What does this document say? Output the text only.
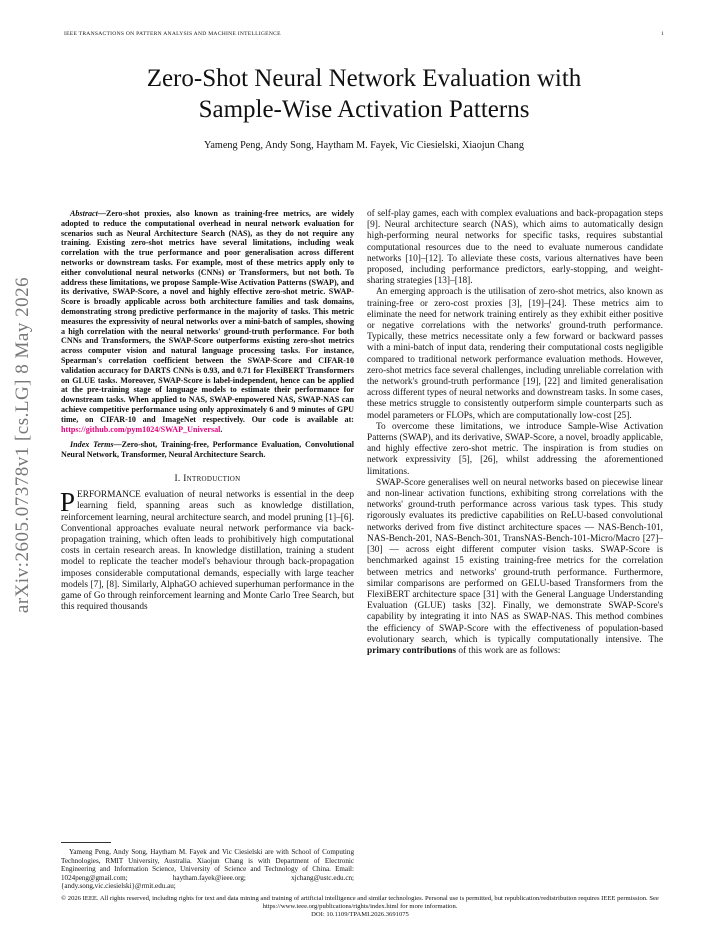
IEEE TRANSACTIONS ON PATTERN ANALYSIS AND MACHINE INTELLIGENCE	1
arXiv:2605.07378v1 [cs.LG] 8 May 2026
Zero-Shot Neural Network Evaluation with
Sample-Wise Activation Patterns
Yameng Peng, Andy Song, Haytham M. Fayek, Vic Ciesielski, Xiaojun Chang

Abstract—Zero-shot proxies, also known as training-free metrics, are widely adopted to reduce the computational overhead in neural network evaluation for scenarios such as Neural Architecture Search (NAS), as they do not require any training. Existing zero-shot metrics have several limitations, including weak correlation with the true performance and poor generalisation across different networks or downstream tasks. For example, most of these metrics apply only to either convolutional neural networks (CNNs) or Transformers, but not both. To address these limitations, we propose Sample-Wise Activation Patterns (SWAP), and its derivative, SWAP-Score, a novel and highly effective zero-shot metric. SWAP-Score is broadly applicable across both architecture families and task domains, demonstrating strong predictive performance in the majority of tasks. This metric measures the expressivity of neural networks over a mini-batch of samples, showing a high correlation with the neural networks' ground-truth performance. For both CNNs and Transformers, the SWAP-Score outperforms existing zero-shot metrics across computer vision and natural language processing tasks. For instance, Spearman's correlation coefficient between the SWAP-Score and CIFAR-10 validation accuracy for DARTS CNNs is 0.93, and 0.71 for FlexiBERT Transformers on GLUE tasks. Moreover, SWAP-Score is label-independent, hence can be applied at the pre-training stage of language models to estimate their performance for downstream tasks. When applied to NAS, SWAP-empowered NAS, SWAP-NAS can achieve competitive performance using only approximately 6 and 9 minutes of GPU time, on CIFAR-10 and ImageNet respectively. Our code is available at: https://github.com/pym1024/SWAP_Universal.

Index Terms—Zero-shot, Training-free, Performance Evaluation, Convolutional Neural Network, Transformer, Neural Architecture Search.

I. Introduction

PERFORMANCE evaluation of neural networks is essential in the deep learning field, spanning areas such as knowledge distillation, reinforcement learning, neural architecture search, and model pruning [1]–[6]. Conventional approaches evaluate neural network performance via back-propagation training, which often leads to prohibitively high computational costs in certain research areas. In knowledge distillation, training a student model to replicate the teacher model's behaviour through back-propagation imposes considerable computational demands, especially with large teacher models [7], [8]. Similarly, AlphaGO achieved superhuman performance in the game of Go through reinforcement learning and Monte Carlo Tree Search, but this required thousands

Yameng Peng, Andy Song, Haytham M. Fayek and Vic Ciesielski are with School of Computing Technologies, RMIT University, Australia. Xiaojun Chang is with Department of Electronic Engineering and Information Science, University of Science and Technology of China. Email: 1024peng@gmail.com; haytham.fayek@ieee.org; xjchang@ustc.edu.cn; {andy.song,vic.ciesielski}@rmit.edu.au;

of self-play games, each with complex evaluations and back-propagation steps [9]. Neural architecture search (NAS), which aims to automatically design high-performing neural networks for specific tasks, requires substantial computational resources due to the need to evaluate numerous candidate networks [10]–[12]. To alleviate these costs, various alternatives have been proposed, including performance predictors, early-stopping, and weight-sharing strategies [13]–[18].

An emerging approach is the utilisation of zero-shot metrics, also known as training-free or zero-cost proxies [3], [19]–[24]. These metrics aim to eliminate the need for network training entirely as they exhibit either positive or negative correlations with the networks' ground-truth performance. Typically, these metrics necessitate only a few forward or backward passes with a mini-batch of input data, rendering their computational costs negligible compared to traditional network performance evaluation methods. However, zero-shot metrics face several challenges, including unreliable correlation with the network's ground-truth performance [19], [22] and limited generalisation across different types of neural networks and downstream tasks. In some cases, these metrics struggle to consistently outperform simple counterparts such as model parameters or FLOPs, which are computationally low-cost [25].

To overcome these limitations, we introduce Sample-Wise Activation Patterns (SWAP), and its derivative, SWAP-Score, a novel, broadly applicable, and highly effective zero-shot metric. The inspiration is from studies on network expressivity [5], [26], whilst addressing the aforementioned limitations.

SWAP-Score generalises well on neural networks based on piecewise linear and non-linear activation functions, exhibiting strong correlations with the networks' ground-truth performance across various task types. This study rigorously evaluates its predictive capabilities on ReLU-based convolutional networks derived from five distinct architecture spaces — NAS-Bench-101, NAS-Bench-201, NAS-Bench-301, TransNAS-Bench-101-Micro/Macro [27]–[30] — across eight different computer vision tasks. SWAP-Score is benchmarked against 15 existing training-free metrics for the correlation between metrics and networks' ground-truth performance. Furthermore, similar comparisons are performed on GELU-based Transformers from the FlexiBERT architecture space [31] with the General Language Understanding Evaluation (GLUE) tasks [32]. Finally, we demonstrate SWAP-Score's capability by integrating it into NAS as SWAP-NAS. This method combines the efficiency of SWAP-Score with the effectiveness of population-based evolutionary search, which is typically computationally intensive. The primary contributions of this work are as follows:

© 2026 IEEE. All rights reserved, including rights for text and data mining and training of artificial intelligence and similar technologies. Personal use is permitted, but republication/redistribution requires IEEE permission. See https://www.ieee.org/publications/rights/index.html for more information.
DOI: 10.1109/TPAMI.2026.3691075
